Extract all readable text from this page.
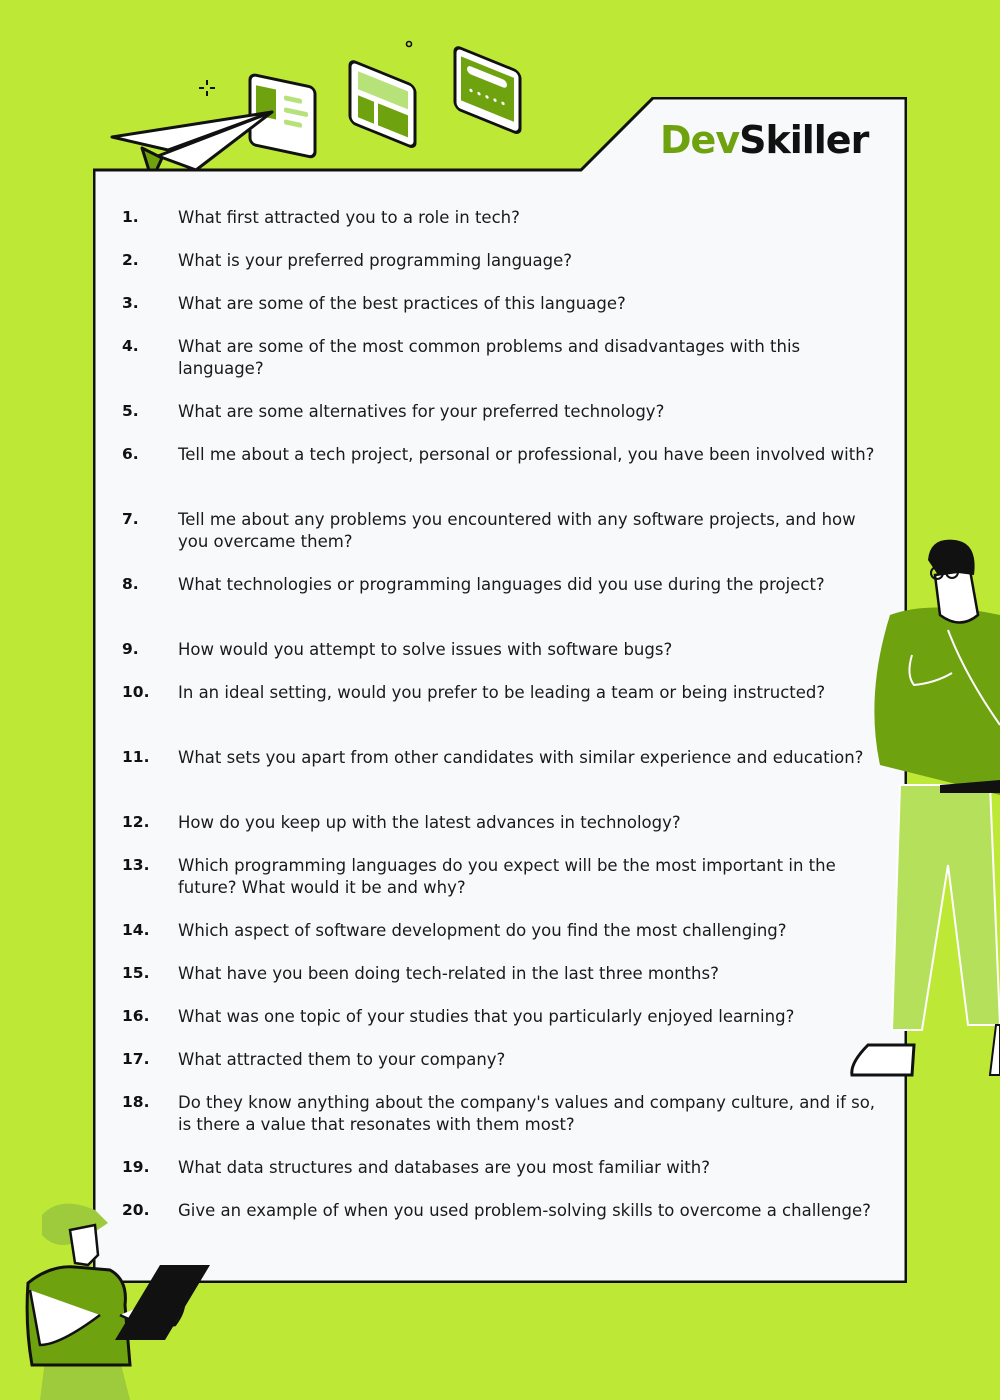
DevSkiller
1. What first attracted you to a role in tech?
2. What is your preferred programming language?
3. What are some of the best practices of this language?
4. What are some of the most common problems and disadvantages with this language?
5. What are some alternatives for your preferred technology?
6. Tell me about a tech project, personal or professional, you have been involved with?
7. Tell me about any problems you encountered with any software projects, and how you overcame them?
8. What technologies or programming languages did you use during the project?
9. How would you attempt to solve issues with software bugs?
10. In an ideal setting, would you prefer to be leading a team or being instructed?
11. What sets you apart from other candidates with similar experience and education?
12. How do you keep up with the latest advances in technology?
13. Which programming languages do you expect will be the most important in the future? What would it be and why?
14. Which aspect of software development do you find the most challenging?
15. What have you been doing tech-related in the last three months?
16. What was one topic of your studies that you particularly enjoyed learning?
17. What attracted them to your company?
18. Do they know anything about the company's values and company culture, and if so, is there a value that resonates with them most?
19. What data structures and databases are you most familiar with?
20. Give an example of when you used problem-solving skills to overcome a challenge?
